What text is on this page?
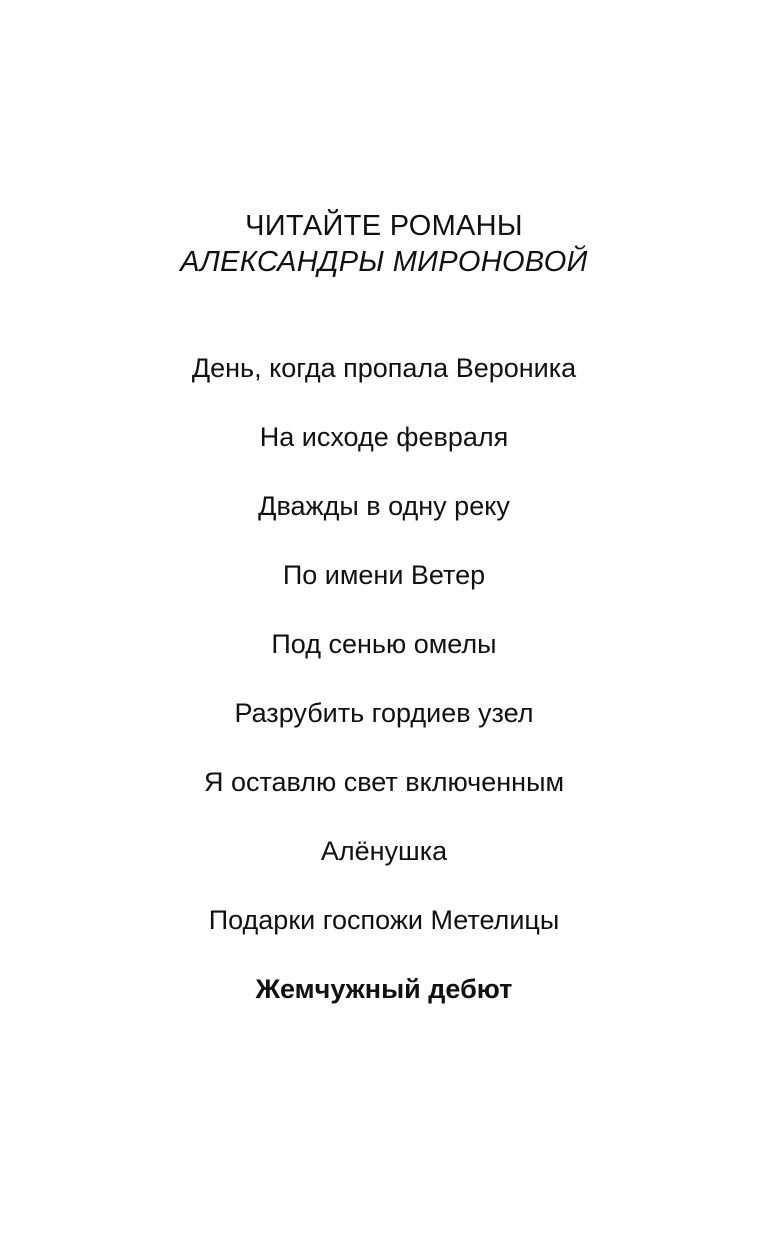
ЧИТАЙТЕ РОМАНЫ
АЛЕКСАНДРЫ МИРОНОВОЙ
День, когда пропала Вероника
На исходе февраля
Дважды в одну реку
По имени Ветер
Под сенью омелы
Разрубить гордиев узел
Я оставлю свет включенным
Алёнушка
Подарки госпожи Метелицы
Жемчужный дебют
